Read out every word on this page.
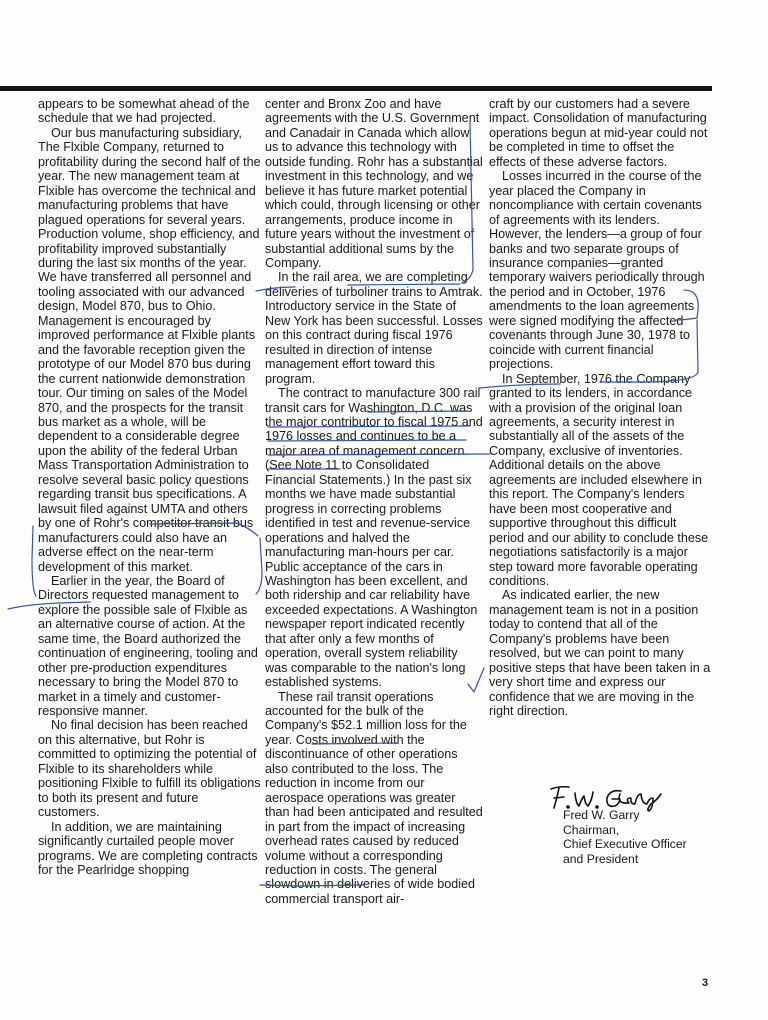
appears to be somewhat ahead of the schedule that we had projected.

Our bus manufacturing subsidiary, The Flxible Company, returned to profitability during the second half of the year. The new management team at Flxible has overcome the technical and manufacturing problems that have plagued operations for several years. Production volume, shop efficiency, and profitability improved substantially during the last six months of the year. We have transferred all personnel and tooling associated with our advanced design, Model 870, bus to Ohio. Management is encouraged by improved performance at Flxible plants and the favorable reception given the prototype of our Model 870 bus during the current nationwide demonstration tour. Our timing on sales of the Model 870, and the prospects for the transit bus market as a whole, will be dependent to a considerable degree upon the ability of the federal Urban Mass Transportation Administration to resolve several basic policy questions regarding transit bus specifications. A lawsuit filed against UMTA and others by one of Rohr's competitor transit bus manufacturers could also have an adverse effect on the near-term development of this market.

Earlier in the year, the Board of Directors requested management to explore the possible sale of Flxible as an alternative course of action. At the same time, the Board authorized the continuation of engineering, tooling and other pre-production expenditures necessary to bring the Model 870 to market in a timely and customer-responsive manner.

No final decision has been reached on this alternative, but Rohr is committed to optimizing the potential of Flxible to its shareholders while positioning Flxible to fulfill its obligations to both its present and future customers.

In addition, we are maintaining significantly curtailed people mover programs. We are completing contracts for the Pearlridge shopping

center and Bronx Zoo and have agreements with the U.S. Government and Canadair in Canada which allow us to advance this technology with outside funding. Rohr has a substantial investment in this technology, and we believe it has future market potential which could, through licensing or other arrangements, produce income in future years without the investment of substantial additional sums by the Company.

In the rail area, we are completing deliveries of turboliner trains to Amtrak. Introductory service in the State of New York has been successful. Losses on this contract during fiscal 1976 resulted in direction of intense management effort toward this program.

The contract to manufacture 300 rail transit cars for Washington, D.C. was the major contributor to fiscal 1975 and 1976 losses and continues to be a major area of management concern. (See Note 11 to Consolidated Financial Statements.) In the past six months we have made substantial progress in correcting problems identified in test and revenue-service operations and halved the manufacturing man-hours per car. Public acceptance of the cars in Washington has been excellent, and both ridership and car reliability have exceeded expectations. A Washington newspaper report indicated recently that after only a few months of operation, overall system reliability was comparable to the nation's long established systems.

These rail transit operations accounted for the bulk of the Company's $52.1 million loss for the year. Costs involved with the discontinuance of other operations also contributed to the loss. The reduction in income from our aerospace operations was greater than had been anticipated and resulted in part from the impact of increasing overhead rates caused by reduced volume without a corresponding reduction in costs. The general slowdown in deliveries of wide bodied commercial transport air-

craft by our customers had a severe impact. Consolidation of manufacturing operations begun at mid-year could not be completed in time to offset the effects of these adverse factors.

Losses incurred in the course of the year placed the Company in noncompliance with certain covenants of agreements with its lenders. However, the lenders—a group of four banks and two separate groups of insurance companies—granted temporary waivers periodically through the period and in October, 1976 amendments to the loan agreements were signed modifying the affected covenants through June 30, 1978 to coincide with current financial projections.

In September, 1976 the Company granted to its lenders, in accordance with a provision of the original loan agreements, a security interest in substantially all of the assets of the Company, exclusive of inventories. Additional details on the above agreements are included elsewhere in this report. The Company's lenders have been most cooperative and supportive throughout this difficult period and our ability to conclude these negotiations satisfactorily is a major step toward more favorable operating conditions.

As indicated earlier, the new management team is not in a position today to contend that all of the Company's problems have been resolved, but we can point to many positive steps that have been taken in a very short time and express our confidence that we are moving in the right direction.

Fred W. Garry
Chairman,
Chief Executive Officer
and President
3
